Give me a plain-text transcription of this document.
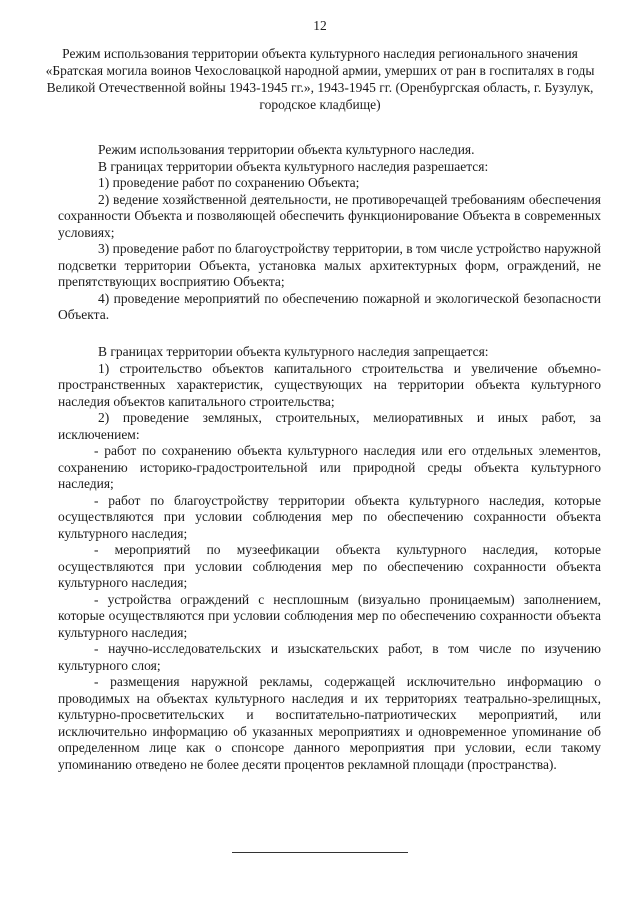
12
Режим использования территории объекта культурного наследия регионального значения «Братская могила воинов Чехословацкой народной армии, умерших от ран в госпиталях в годы Великой Отечественной войны 1943-1945 гг.», 1943-1945 гг. (Оренбургская область, г. Бузулук, городское кладбище)

Режим использования территории объекта культурного наследия.

В границах территории объекта культурного наследия разрешается:

1) проведение работ по сохранению Объекта;

2) ведение хозяйственной деятельности, не противоречащей требованиям обеспечения сохранности Объекта и позволяющей обеспечить функционирование Объекта в современных условиях;

3) проведение работ по благоустройству территории, в том числе устройство наружной подсветки территории Объекта, установка малых архитектурных форм, ограждений, не препятствующих восприятию Объекта;

4) проведение мероприятий по обеспечению пожарной и экологической безопасности Объекта.

В границах территории объекта культурного наследия запрещается:

1) строительство объектов капитального строительства и увеличение объемно-пространственных характеристик, существующих на территории объекта культурного наследия объектов капитального строительства;

2) проведение земляных, строительных, мелиоративных и иных работ, за исключением:

- работ по сохранению объекта культурного наследия или его отдельных элементов, сохранению историко-градостроительной или природной среды объекта культурного наследия;

- работ по благоустройству территории объекта культурного наследия, которые осуществляются при условии соблюдения мер по обеспечению сохранности объекта культурного наследия;

- мероприятий по музеефикации объекта культурного наследия, которые осуществляются при условии соблюдения мер по обеспечению сохранности объекта культурного наследия;

- устройства ограждений с несплошным (визуально проницаемым) заполнением, которые осуществляются при условии соблюдения мер по обеспечению сохранности объекта культурного наследия;

- научно-исследовательских и изыскательских работ, в том числе по изучению культурного слоя;

- размещения наружной рекламы, содержащей исключительно информацию о проводимых на объектах культурного наследия и их территориях театрально-зрелищных, культурно-просветительских и воспитательно-патриотических мероприятий, или исключительно информацию об указанных мероприятиях и одновременное упоминание об определенном лице как о спонсоре данного мероприятия при условии, если такому упоминанию отведено не более десяти процентов рекламной площади (пространства).
